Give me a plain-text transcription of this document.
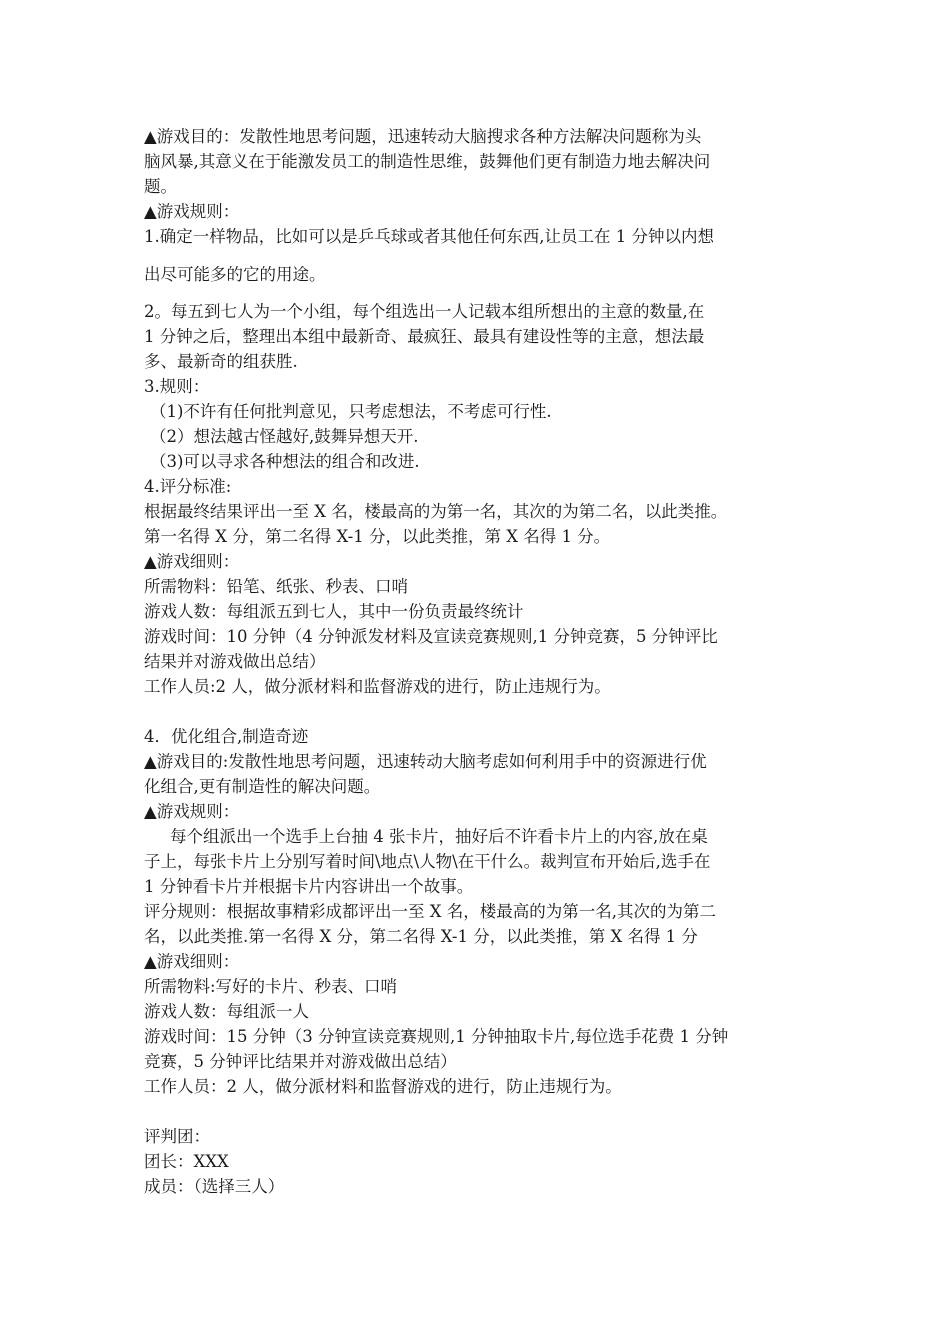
▲游戏目的：发散性地思考问题，迅速转动大脑搜求各种方法解决问题称为头
脑风暴,其意义在于能激发员工的制造性思维，鼓舞他们更有制造力地去解决问
题。
▲游戏规则：
1.确定一样物品，比如可以是乒乓球或者其他任何东西,让员工在 1 分钟以内想
出尽可能多的它的用途。
2。每五到七人为一个小组，每个组选出一人记载本组所想出的主意的数量,在
1 分钟之后，整理出本组中最新奇、最疯狂、最具有建设性等的主意，想法最
多、最新奇的组获胜.
3.规则：
（1)不许有任何批判意见，只考虑想法，不考虑可行性.
（2）想法越古怪越好,鼓舞异想天开.
（3)可以寻求各种想法的组合和改进.
4.评分标准:
根据最终结果评出一至 X 名，楼最高的为第一名，其次的为第二名，以此类推。
第一名得 X 分，第二名得 X-1 分，以此类推，第 X 名得 1 分。
▲游戏细则：
所需物料：铅笔、纸张、秒表、口哨
游戏人数：每组派五到七人，其中一份负责最终统计
游戏时间：10 分钟（4 分钟派发材料及宣读竞赛规则,1 分钟竞赛，5 分钟评比
结果并对游戏做出总结）
工作人员:2 人，做分派材料和监督游戏的进行，防止违规行为。
4．优化组合,制造奇迹
▲游戏目的:发散性地思考问题，迅速转动大脑考虑如何利用手中的资源进行优
化组合,更有制造性的解决问题。
▲游戏规则：
每个组派出一个选手上台抽 4 张卡片，抽好后不许看卡片上的内容,放在桌
子上，每张卡片上分别写着时间\地点\人物\在干什么。裁判宣布开始后,选手在
1 分钟看卡片并根据卡片内容讲出一个故事。
评分规则：根据故事精彩成都评出一至 X 名，楼最高的为第一名,其次的为第二
名，以此类推.第一名得 X 分，第二名得 X-1 分，以此类推，第 X 名得 1 分
▲游戏细则：
所需物料:写好的卡片、秒表、口哨
游戏人数：每组派一人
游戏时间：15 分钟（3 分钟宣读竞赛规则,1 分钟抽取卡片,每位选手花费 1 分钟
竞赛，5 分钟评比结果并对游戏做出总结）
工作人员：2 人，做分派材料和监督游戏的进行，防止违规行为。
评判团：
团长：XXX
成员：（选择三人）
